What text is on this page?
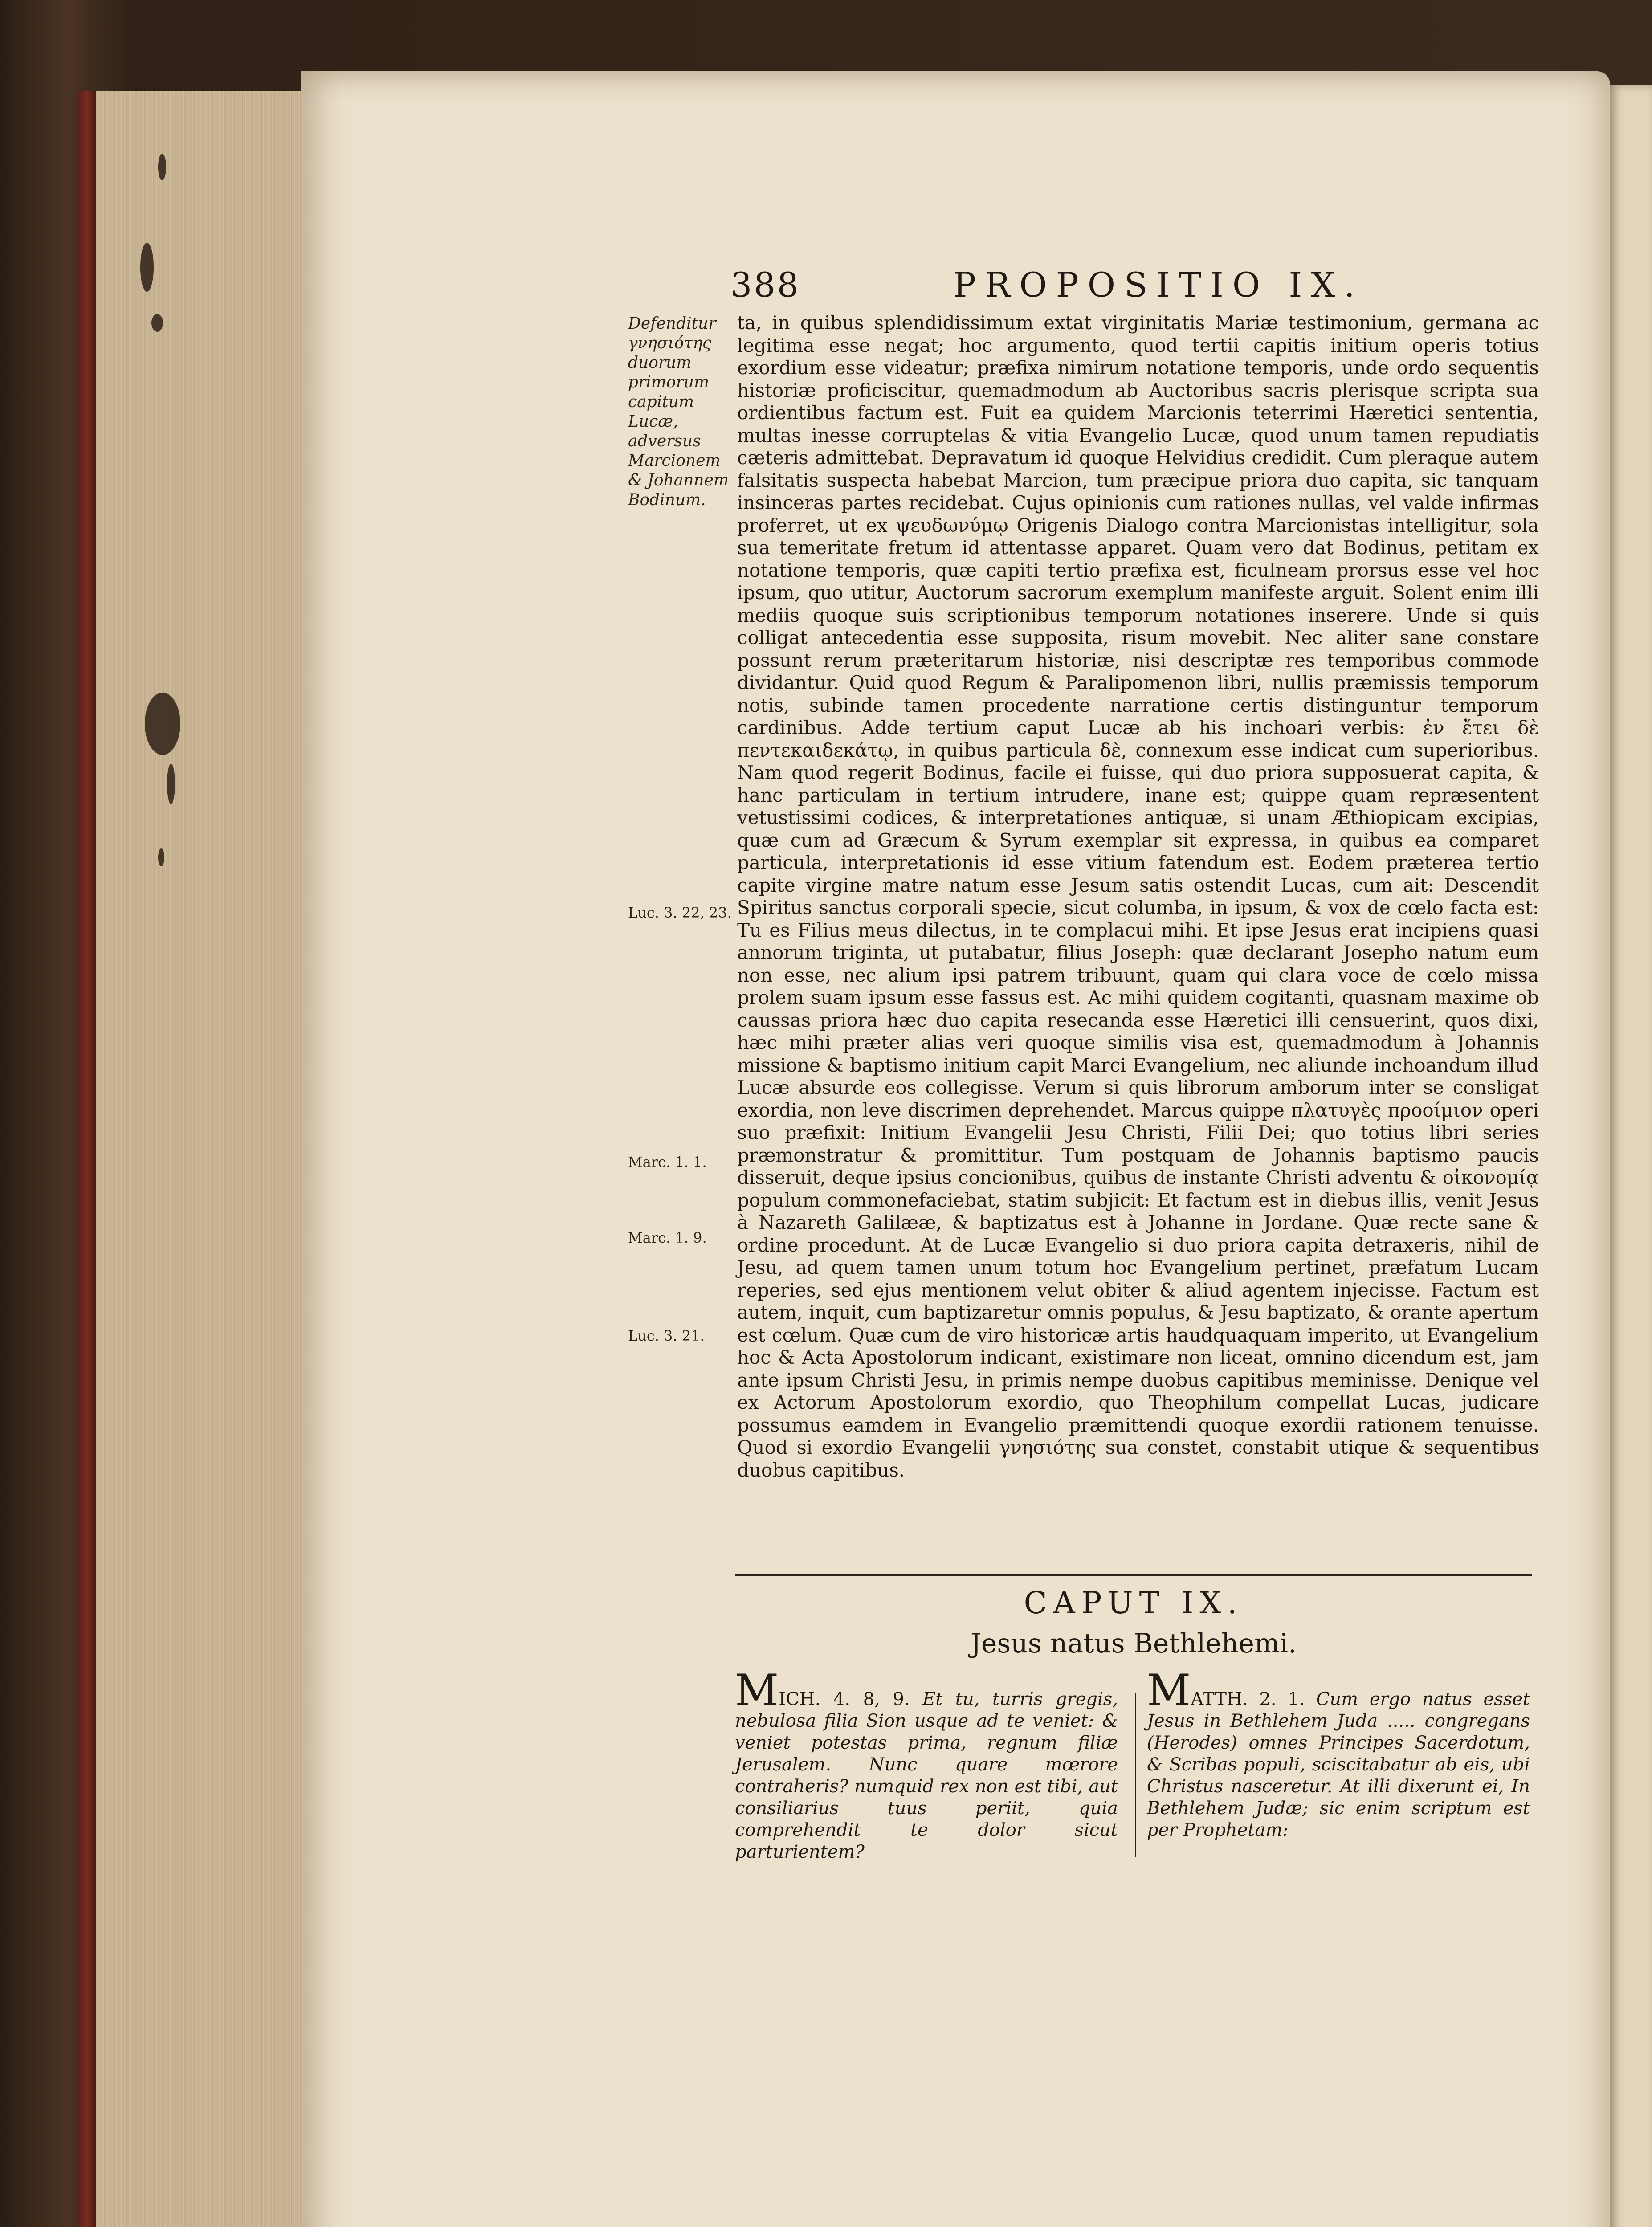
388	PROPOSITIO IX.
Defenditur γνησιότης duorum primorum capitum Lucæ, adversus Marcionem & Johannem Bodinum.
Luc. 3. 22, 23.
Marc. 1. 1.
Marc. 1. 9.
Luc. 3. 21.

ta, in quibus splendidissimum extat virginitatis Mariæ testimonium, germana ac legitima esse negat; hoc argumento, quod tertii capitis initium operis totius exordium esse videatur; præfixa nimirum notatione temporis, unde ordo sequentis historiæ proficiscitur, quemadmodum ab Auctoribus sacris plerisque scripta sua ordientibus factum est. Fuit ea quidem Marcionis teterrimi Hæretici sententia, multas inesse corruptelas & vitia Evangelio Lucæ, quod unum tamen repudiatis cæteris admittebat. Depravatum id quoque Helvidius credidit. Cum pleraque autem falsitatis suspecta habebat Marcion, tum præcipue priora duo capita, sic tanquam insinceras partes recidebat. Cujus opinionis cum rationes nullas, vel valde infirmas proferret, ut ex ψευδωνύμῳ Origenis Dialogo contra Marcionistas intelligitur, sola sua temeritate fretum id attentasse apparet. Quam vero dat Bodinus, petitam ex notatione temporis, quæ capiti tertio præfixa est, ficulneam prorsus esse vel hoc ipsum, quo utitur, Auctorum sacrorum exemplum manifeste arguit. Solent enim illi mediis quoque suis scriptionibus temporum notationes inserere. Unde si quis colligat antecedentia esse supposita, risum movebit. Nec aliter sane constare possunt rerum præteritarum historiæ, nisi descriptæ res temporibus commode dividantur. Quid quod Regum & Paralipomenon libri, nullis præmissis temporum notis, subinde tamen procedente narratione certis distinguntur temporum cardinibus. Adde tertium caput Lucæ ab his inchoari verbis: ἐν ἔτει δὲ πεντεκαιδεκάτῳ, in quibus particula δὲ, connexum esse indicat cum superioribus. Nam quod regerit Bodinus, facile ei fuisse, qui duo priora supposuerat capita, & hanc particulam in tertium intrudere, inane est; quippe quam repræsentent vetustissimi codices, & interpretationes antiquæ, si unam Æthiopicam excipias, quæ cum ad Græcum & Syrum exemplar sit expressa, in quibus ea comparet particula, interpretationis id esse vitium fatendum est. Eodem præterea tertio capite virgine matre natum esse Jesum satis ostendit Lucas, cum ait: Descendit Spiritus sanctus corporali specie, sicut columba, in ipsum, & vox de cœlo facta est: Tu es Filius meus dilectus, in te complacui mihi. Et ipse Jesus erat incipiens quasi annorum triginta, ut putabatur, filius Joseph: quæ declarant Josepho natum eum non esse, nec alium ipsi patrem tribuunt, quam qui clara voce de cœlo missa prolem suam ipsum esse fassus est. Ac mihi quidem cogitanti, quasnam maxime ob caussas priora hæc duo capita resecanda esse Hæretici illi censuerint, quos dixi, hæc mihi præter alias veri quoque similis visa est, quemadmodum à Johannis missione & baptismo initium capit Marci Evangelium, nec aliunde inchoandum illud Lucæ absurde eos collegisse. Verum si quis librorum amborum inter se consligat exordia, non leve discrimen deprehendet. Marcus quippe πλατυγὲς προοίμιον operi suo præfixit: Initium Evangelii Jesu Christi, Filii Dei; quo totius libri series præmonstratur & promittitur. Tum postquam de Johannis baptismo paucis disseruit, deque ipsius concionibus, quibus de instante Christi adventu & οἰκονομίᾳ populum commonefaciebat, statim subjicit: Et factum est in diebus illis, venit Jesus à Nazareth Galilææ, & baptizatus est à Johanne in Jordane. Quæ recte sane & ordine procedunt. At de Lucæ Evangelio si duo priora capita detraxeris, nihil de Jesu, ad quem tamen unum totum hoc Evangelium pertinet, præfatum Lucam reperies, sed ejus mentionem velut obiter & aliud agentem injecisse. Factum est autem, inquit, cum baptizaretur omnis populus, & Jesu baptizato, & orante apertum est cœlum. Quæ cum de viro historicæ artis haudquaquam imperito, ut Evangelium hoc & Acta Apostolorum indicant, existimare non liceat, omnino dicendum est, jam ante ipsum Christi Jesu, in primis nempe duobus capitibus meminisse. Denique vel ex Actorum Apostolorum exordio, quo Theophilum compellat Lucas, judicare possumus eamdem in Evangelio præmittendi quoque exordii rationem tenuisse. Quod si exordio Evangelii γνησιότης sua constet, constabit utique & sequentibus duobus capitibus.

CAPUT IX.
Jesus natus Bethlehemi.
MICH. 4. 8, 9. Et tu, turris gregis, nebulosa filia Sion usque ad te veniet: & veniet potestas prima, regnum filiæ Jerusalem. Nunc quare mœrore contraheris? numquid rex non est tibi, aut consiliarius tuus periit, quia comprehendit te dolor sicut parturientem?
MATTH. 2. 1. Cum ergo natus esset Jesus in Bethlehem Juda ..... congregans (Herodes) omnes Principes Sacerdotum, & Scribas populi, sciscitabatur ab eis, ubi Christus nasceretur. At illi dixerunt ei, In Bethlehem Judæ; sic enim scriptum est per Prophetam:
